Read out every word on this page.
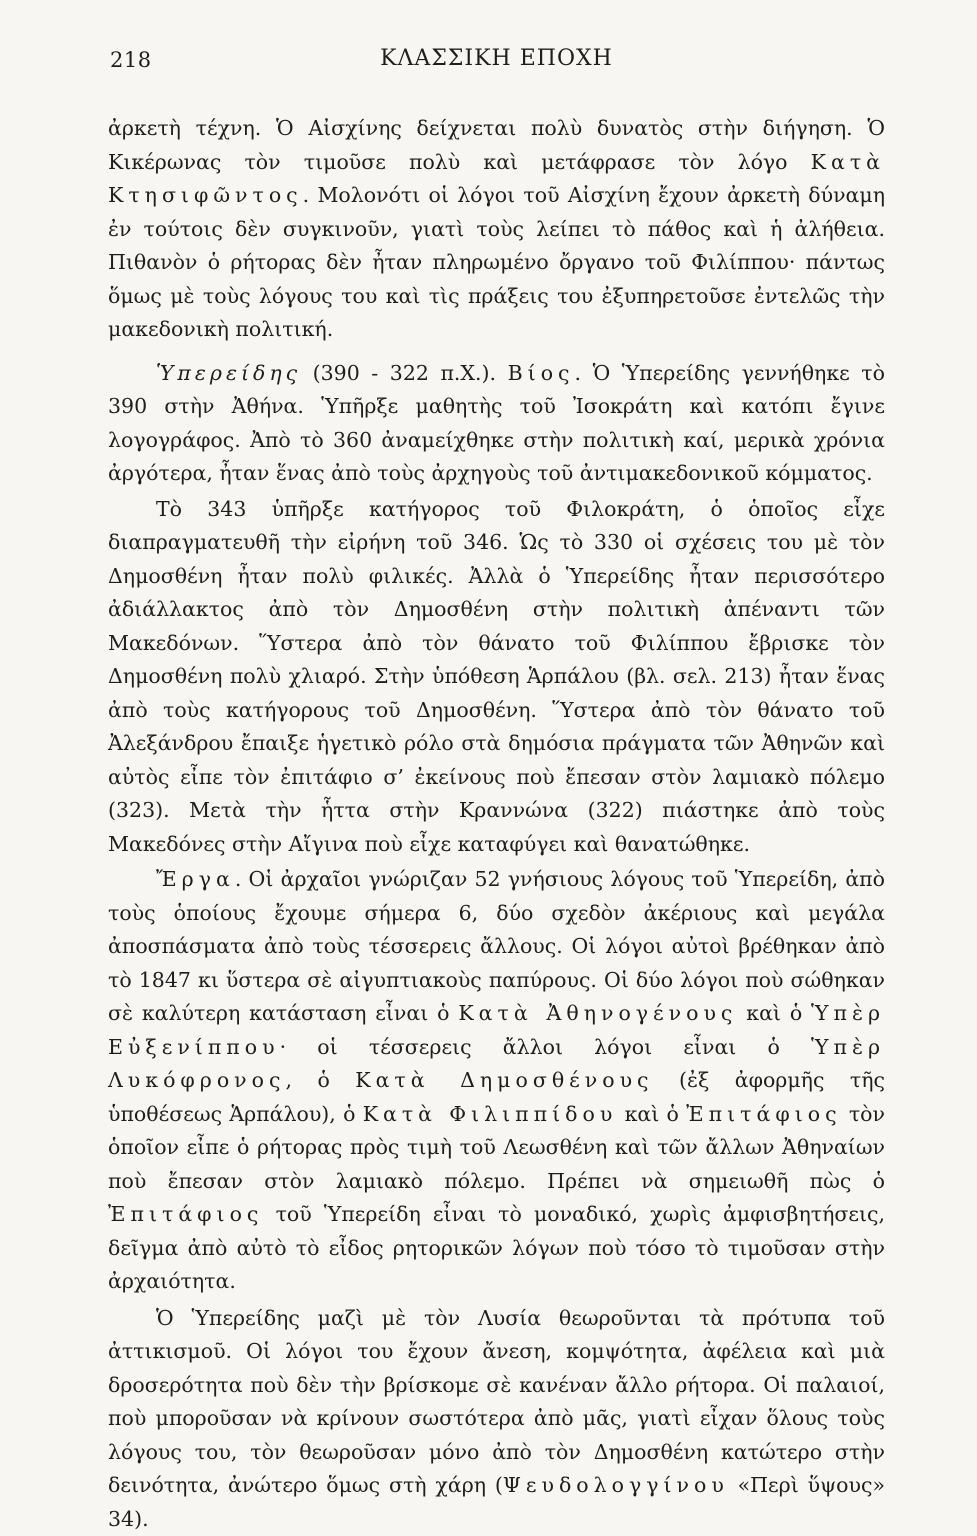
218	ΚΛΑΣΣΙΚΗ ΕΠΟΧΗ

ἀρκετὴ τέχνη. Ὁ Αἰσχίνης δείχνεται πολὺ δυνατὸς στὴν διήγηση. Ὁ Κικέρωνας τὸν τιμοῦσε πολὺ καὶ μετάφρασε τὸν λόγο Κατὰ Κτησιφῶντος. Μολονότι οἱ λόγοι τοῦ Αἰσχίνη ἔχουν ἀρκετὴ δύναμη ἐν τούτοις δὲν συγκινοῦν, γιατὶ τοὺς λείπει τὸ πάθος καὶ ἡ ἀλήθεια. Πιθανὸν ὁ ρήτορας δὲν ἦταν πληρωμένο ὄργανο τοῦ Φιλίππου· πάντως ὅμως μὲ τοὺς λόγους του καὶ τὶς πράξεις του ἐξυπηρετοῦσε ἐντελῶς τὴν μακεδονικὴ πολιτική.

Ὑπερείδης (390 - 322 π.Χ.). Βίος. Ὁ Ὑπερείδης γεννήθηκε τὸ 390 στὴν Ἀθήνα. Ὑπῆρξε μαθητὴς τοῦ Ἰσοκράτη καὶ κατόπι ἔγινε λογογράφος. Ἀπὸ τὸ 360 ἀναμείχθηκε στὴν πολιτικὴ καί, μερικὰ χρόνια ἀργότερα, ἦταν ἕνας ἀπὸ τοὺς ἀρχηγοὺς τοῦ ἀντιμακεδονικοῦ κόμματος.

Τὸ 343 ὑπῆρξε κατήγορος τοῦ Φιλοκράτη, ὁ ὁποῖος εἶχε διαπραγματευθῆ τὴν εἰρήνη τοῦ 346. Ὡς τὸ 330 οἱ σχέσεις του μὲ τὸν Δημοσθένη ἦταν πολὺ φιλικές. Ἀλλὰ ὁ Ὑπερείδης ἦταν περισσότερο ἀδιάλλακτος ἀπὸ τὸν Δημοσθένη στὴν πολιτικὴ ἀπέναντι τῶν Μακεδόνων. Ὕστερα ἀπὸ τὸν θάνατο τοῦ Φιλίππου ἔβρισκε τὸν Δημοσθένη πολὺ χλιαρό. Στὴν ὑπόθεση Ἁρπάλου (βλ. σελ. 213) ἦταν ἕνας ἀπὸ τοὺς κατήγορους τοῦ Δημοσθένη. Ὕστερα ἀπὸ τὸν θάνατο τοῦ Ἀλεξάνδρου ἔπαιξε ἡγετικὸ ρόλο στὰ δημόσια πράγματα τῶν Ἀθηνῶν καὶ αὐτὸς εἶπε τὸν ἐπιτάφιο σ’ ἐκείνους ποὺ ἔπεσαν στὸν λαμιακὸ πόλεμο (323). Μετὰ τὴν ἧττα στὴν Κραννώνα (322) πιάστηκε ἀπὸ τοὺς Μακεδόνες στὴν Αἴγινα ποὺ εἶχε καταφύγει καὶ θανατώθηκε.

Ἔργα. Οἱ ἀρχαῖοι γνώριζαν 52 γνήσιους λόγους τοῦ Ὑπερείδη, ἀπὸ τοὺς ὁποίους ἔχουμε σήμερα 6, δύο σχεδὸν ἀκέριους καὶ μεγάλα ἀποσπάσματα ἀπὸ τοὺς τέσσερεις ἄλλους. Οἱ λόγοι αὐτοὶ βρέθηκαν ἀπὸ τὸ 1847 κι ὕστερα σὲ αἰγυπτιακοὺς παπύρους. Οἱ δύο λόγοι ποὺ σώθηκαν σὲ καλύτερη κατάσταση εἶναι ὁ Κατὰ Ἀθηνογένους καὶ ὁ Ὑπὲρ Εὐξενίππου· οἱ τέσσερεις ἄλλοι λόγοι εἶναι ὁ Ὑπὲρ Λυκόφρονος, ὁ Κατὰ Δημοσθένους (ἐξ ἀφορμῆς τῆς ὑποθέσεως Ἁρπάλου), ὁ Κατὰ Φιλιππίδου καὶ ὁ Ἐπιτάφιος τὸν ὁποῖον εἶπε ὁ ρήτορας πρὸς τιμὴ τοῦ Λεωσθένη καὶ τῶν ἄλλων Ἀθηναίων ποὺ ἔπεσαν στὸν λαμιακὸ πόλεμο. Πρέπει νὰ σημειωθῆ πὼς ὁ Ἐπιτάφιος τοῦ Ὑπερείδη εἶναι τὸ μοναδικό, χωρὶς ἀμφισβητήσεις, δεῖγμα ἀπὸ αὐτὸ τὸ εἶδος ρητορικῶν λόγων ποὺ τόσο τὸ τιμοῦσαν στὴν ἀρχαιότητα.

Ὁ Ὑπερείδης μαζὶ μὲ τὸν Λυσία θεωροῦνται τὰ πρότυπα τοῦ ἀττικισμοῦ. Οἱ λόγοι του ἔχουν ἄνεση, κομψότητα, ἀφέλεια καὶ μιὰ δροσερότητα ποὺ δὲν τὴν βρίσκομε σὲ κανέναν ἄλλο ρήτορα. Οἱ παλαιοί, ποὺ μποροῦσαν νὰ κρίνουν σωστότερα ἀπὸ μᾶς, γιατὶ εἶχαν ὅλους τοὺς λόγους του, τὸν θεωροῦσαν μόνο ἀπὸ τὸν Δημοσθένη κατώτερο στὴν δεινότητα, ἀνώτερο ὅμως στὴ χάρη (Ψευδολογγίνου «Περὶ ὕψους» 34).
